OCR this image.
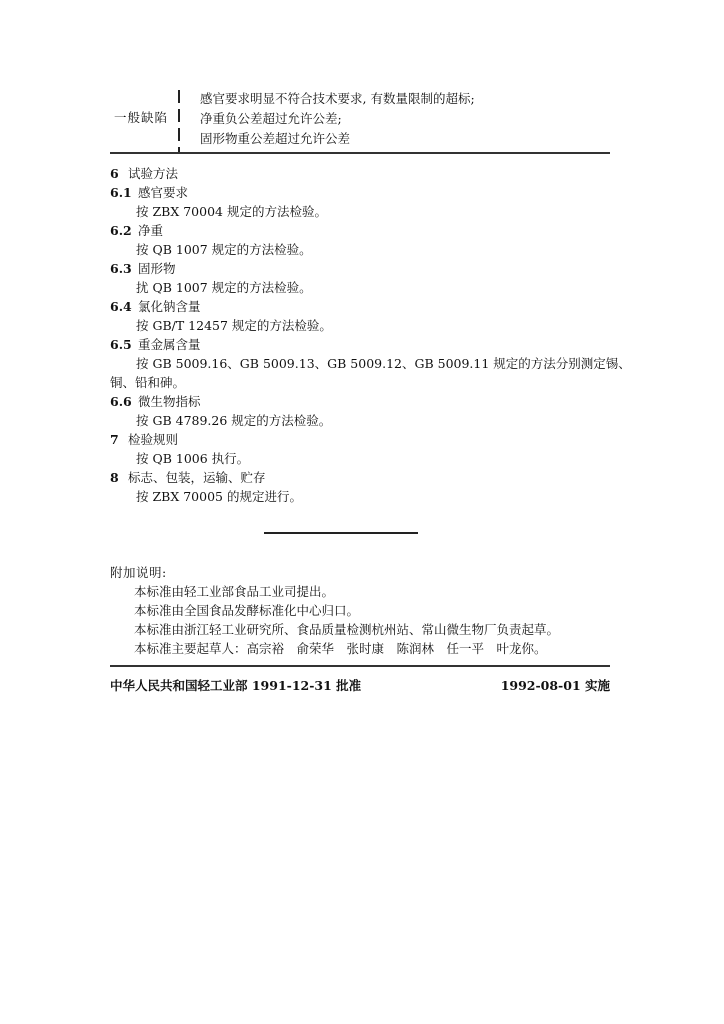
一般缺陷
感官要求明显不符合技术要求, 有数量限制的超标;
净重负公差超过允许公差;
固形物重公差超过允许公差
6 试验方法
6.1 感官要求
按 ZBX 70004 规定的方法检验。
6.2 净重
按 QB 1007 规定的方法检验。
6.3 固形物
扰 QB 1007 规定的方法检验。
6.4 氯化钠含量
按 GB/T 12457 规定的方法检验。
6.5 重金属含量
按 GB 5009.16、GB 5009.13、GB 5009.12、GB 5009.11 规定的方法分别测定锡、
铜、铅和砷。
6.6 微生物指标
按 GB 4789.26 规定的方法检验。
7 检验规则
按 QB 1006 执行。
8 标志、包装，运输、贮存
按 ZBX 70005 的规定进行。
附加说明:
本标准由轻工业部食品工业司提出。
本标准由全国食品发酵标准化中心归口。
本标准由浙江轻工业研究所、食品质量检测杭州站、常山微生物厂负责起草。
本标准主要起草人：高宗裕　俞荣华　张时康　陈润林　任一平　叶龙你。
中华人民共和国轻工业部 1991-12-31 批准	1992-08-01 实施
